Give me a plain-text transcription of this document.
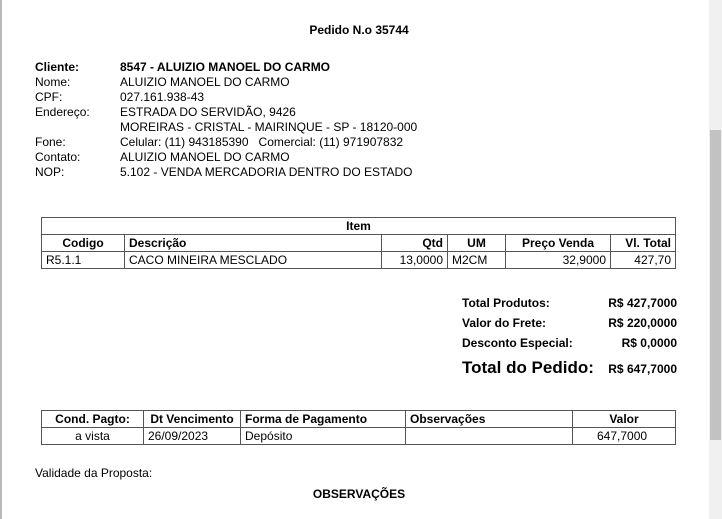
Pedido N.o 35744
Cliente:	8547 - ALUIZIO MANOEL DO CARMO
Nome:	ALUIZIO MANOEL DO CARMO
CPF:	027.161.938-43
Endereço:	ESTRADA DO SERVIDÃO, 9426
MOREIRAS - CRISTAL - MAIRINQUE - SP - 18120-000
Fone:	Celular: (11) 943185390   Comercial: (11) 971907832
Contato:	ALUIZIO MANOEL DO CARMO
NOP:	5.102 - VENDA MERCADORIA DENTRO DO ESTADO
Item					
Codigo	Descrição	Qtd	UM	Preço Venda	Vl. Total
R5.1.1	CACO MINEIRA MESCLADO	13,0000	M2CM	32,9000	427,70
Total Produtos:	R$ 427,7000
Valor do Frete:	R$ 220,0000
Desconto Especial:	R$ 0,0000
Total do Pedido: R$ 647,7000
Cond. Pagto:	Dt Vencimento	Forma de Pagamento	Observações	Valor
a vista	26/09/2023	Depósito		647,7000
Validade da Proposta:
OBSERVAÇÕES
